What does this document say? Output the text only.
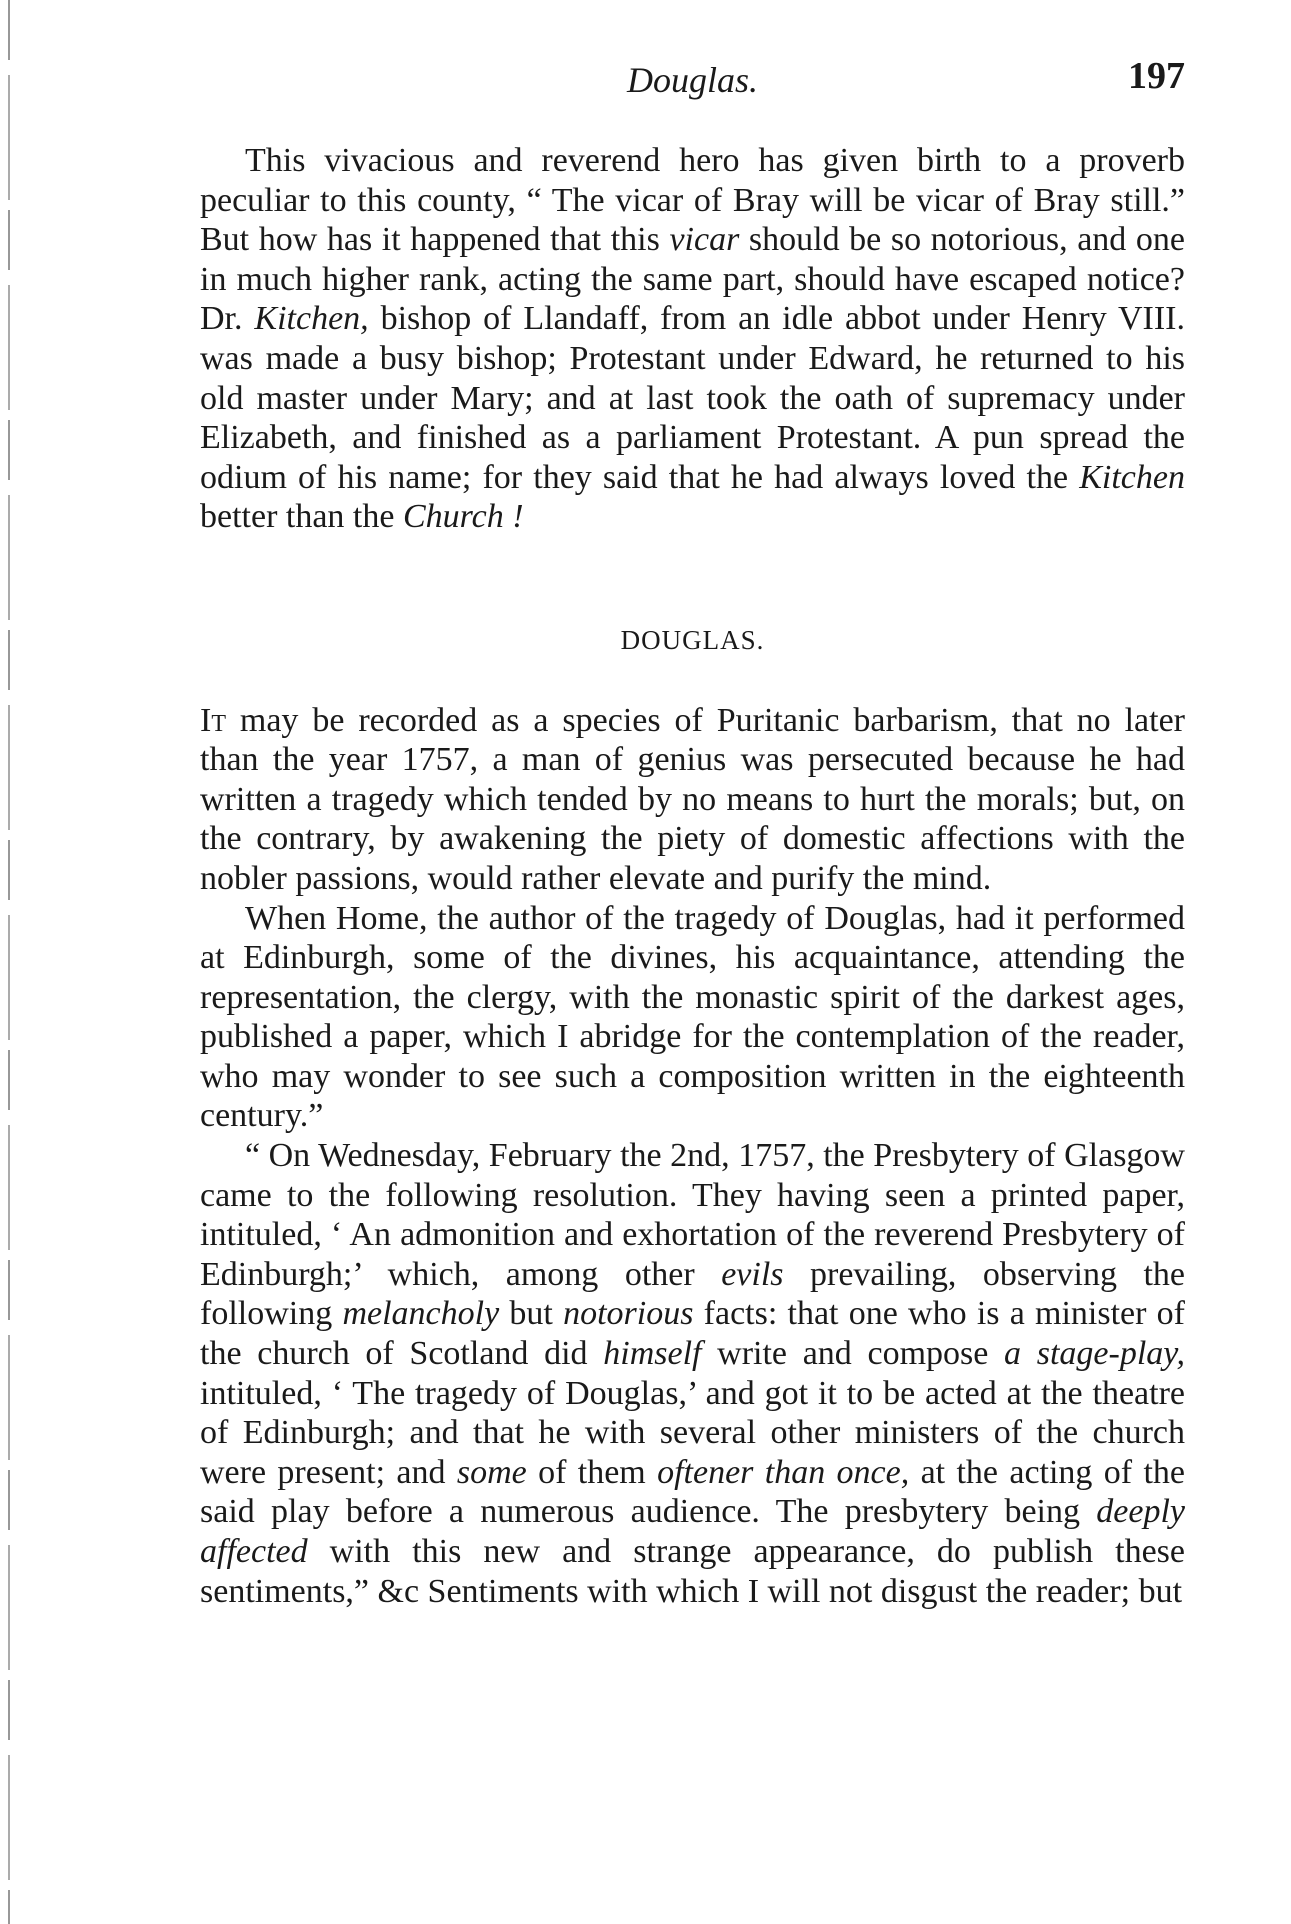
Douglas.	197

This vivacious and reverend hero has given birth to a proverb peculiar to this county, “ The vicar of Bray will be vicar of Bray still.” But how has it happened that this vicar should be so notorious, and one in much higher rank, acting the same part, should have escaped notice? Dr. Kitchen, bishop of Llandaff, from an idle abbot under Henry VIII. was made a busy bishop; Protestant under Edward, he returned to his old master under Mary; and at last took the oath of supremacy under Elizabeth, and finished as a parliament Protestant. A pun spread the odium of his name; for they said that he had always loved the Kitchen better than the Church !

DOUGLAS.

It may be recorded as a species of Puritanic barbarism, that no later than the year 1757, a man of genius was persecuted because he had written a tragedy which tended by no means to hurt the morals; but, on the contrary, by awakening the piety of domestic affections with the nobler passions, would rather elevate and purify the mind.

When Home, the author of the tragedy of Douglas, had it performed at Edinburgh, some of the divines, his acquaintance, attending the representation, the clergy, with the monastic spirit of the darkest ages, published a paper, which I abridge for the contemplation of the reader, who may wonder to see such a composition written in the eighteenth century.”

“ On Wednesday, February the 2nd, 1757, the Presbytery of Glasgow came to the following resolution. They having seen a printed paper, intituled, ‘ An admonition and exhortation of the reverend Presbytery of Edinburgh;’ which, among other evils prevailing, observing the following melancholy but notorious facts: that one who is a minister of the church of Scotland did himself write and compose a stage-play, intituled, ‘ The tragedy of Douglas,’ and got it to be acted at the theatre of Edinburgh; and that he with several other ministers of the church were present; and some of them oftener than once, at the acting of the said play before a numerous audience. The presbytery being deeply affected with this new and strange appearance, do publish these sentiments,” &c Sentiments with which I will not disgust the reader; but
